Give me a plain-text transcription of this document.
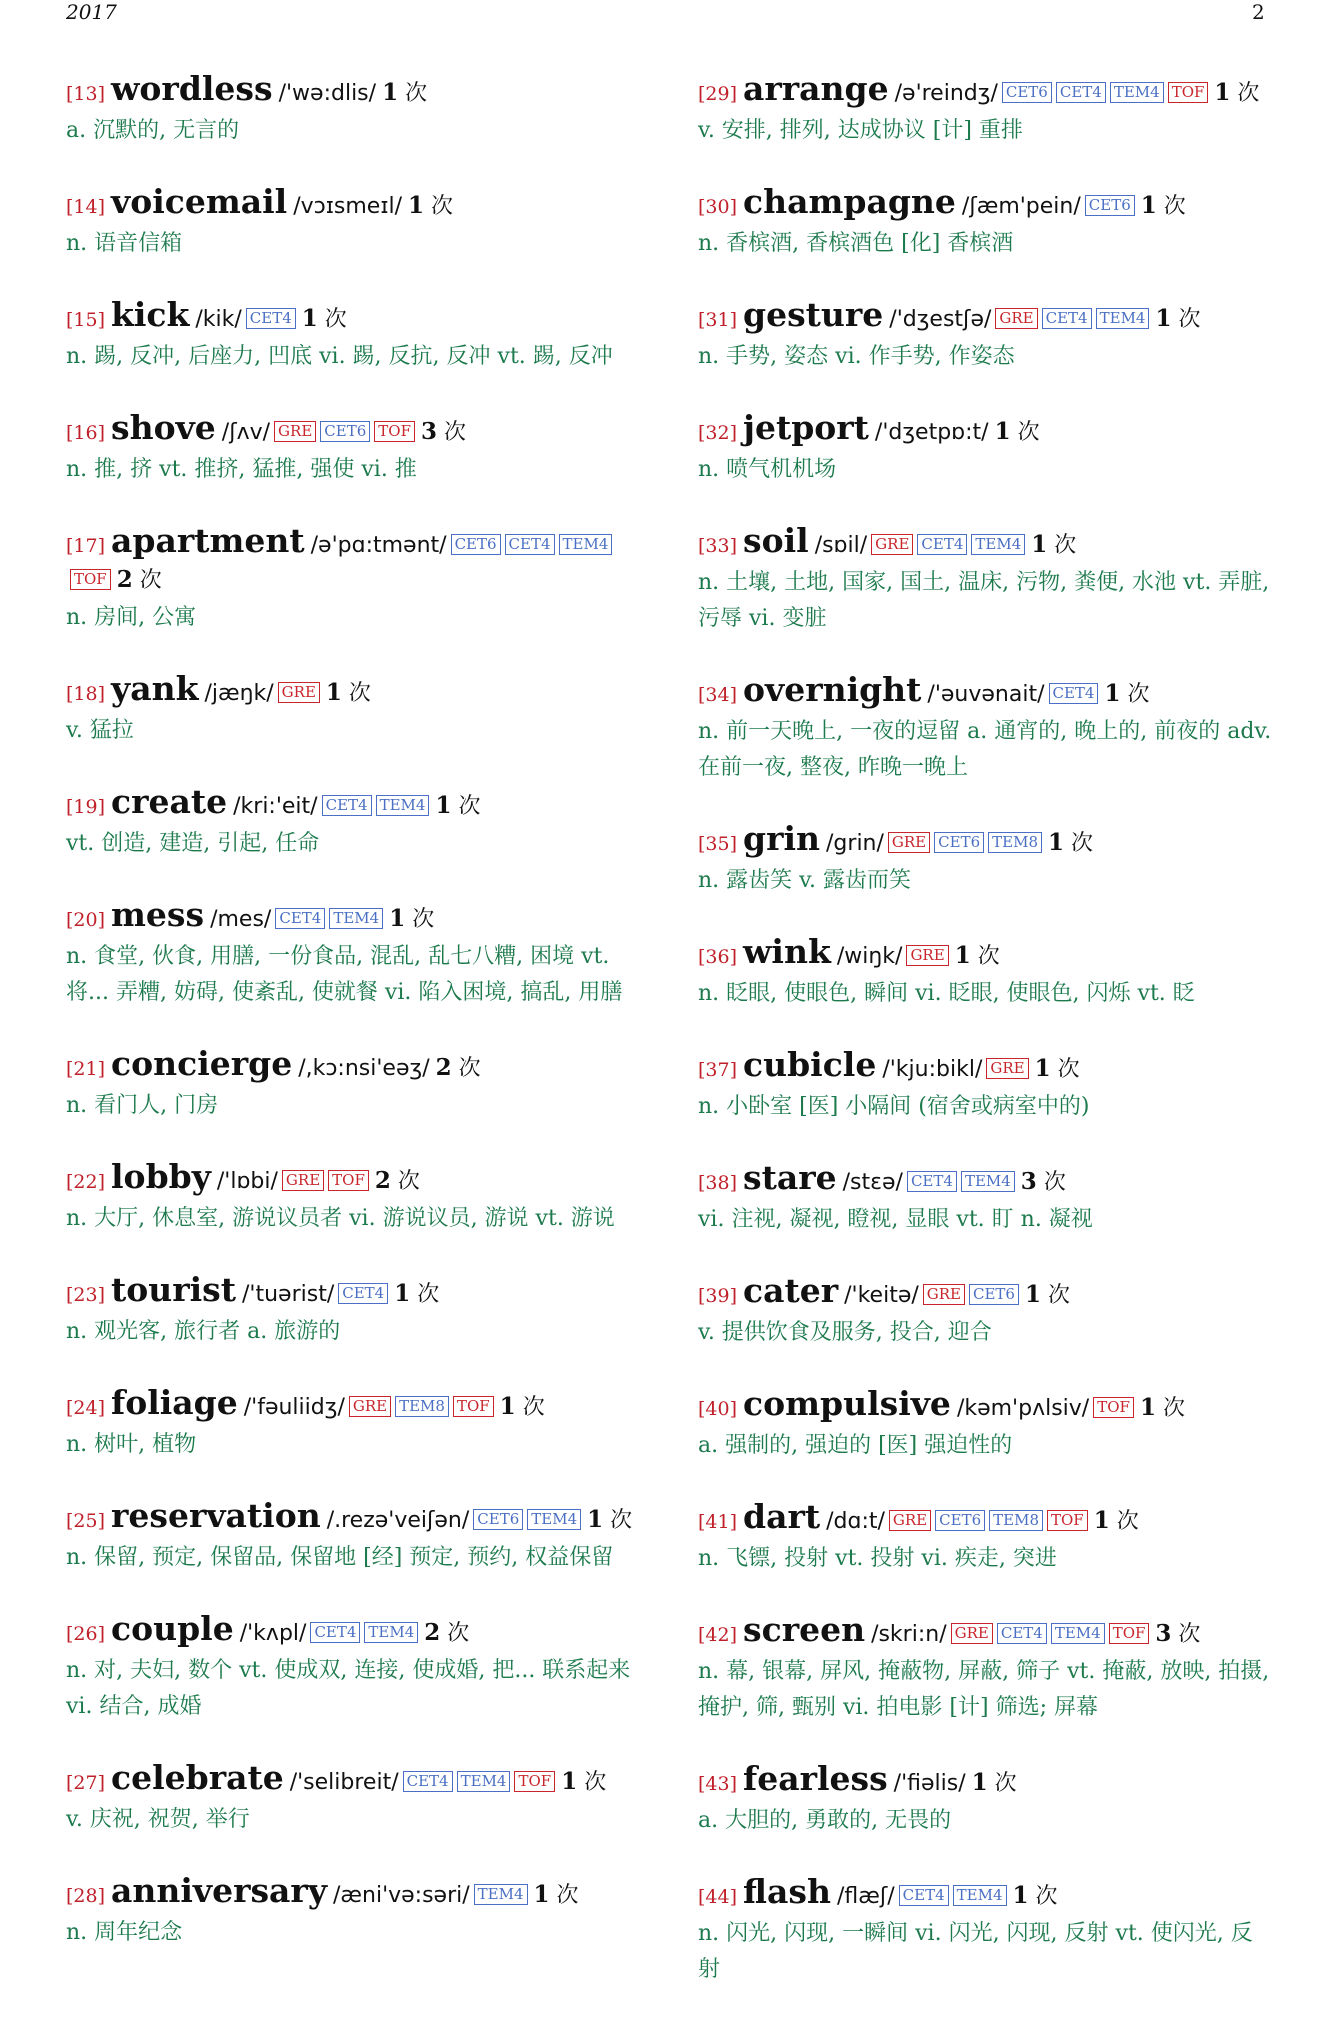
2017	2
[13] wordless /'wə:dlis/ 1 次
a. 沉默的, 无言的
[14] voicemail /vɔɪsmeɪl/ 1 次
n. 语音信箱
[15] kick /kik/ CET4 1 次
n. 踢, 反冲, 后座力, 凹底 vi. 踢, 反抗, 反冲 vt. 踢, 反冲
[16] shove /ʃʌv/ GRE CET6 TOF 3 次
n. 推, 挤 vt. 推挤, 猛推, 强使 vi. 推
[17] apartment /ə'pɑ:tmənt/ CET6 CET4 TEM4TOF 2 次
n. 房间, 公寓
[18] yank /jæŋk/ GRE 1 次
v. 猛拉
[19] create /kri:'eit/ CET4 TEM4 1 次
vt. 创造, 建造, 引起, 任命
[20] mess /mes/ CET4 TEM4 1 次
n. 食堂, 伙食, 用膳, 一份食品, 混乱, 乱七八糟, 困境 vt. 将... 弄糟, 妨碍, 使紊乱, 使就餐 vi. 陷入困境, 搞乱, 用膳
[21] concierge /,kɔ:nsi'eəʒ/ 2 次
n. 看门人, 门房
[22] lobby /'lɒbi/ GRE TOF 2 次
n. 大厅, 休息室, 游说议员者 vi. 游说议员, 游说 vt. 游说
[23] tourist /'tuərist/ CET4 1 次
n. 观光客, 旅行者 a. 旅游的
[24] foliage /'fəuliidʒ/ GRE TEM8 TOF 1 次
n. 树叶, 植物
[25] reservation /.rezə'veiʃən/ CET6 TEM4 1 次
n. 保留, 预定, 保留品, 保留地 [经] 预定, 预约, 权益保留
[26] couple /'kʌpl/ CET4 TEM4 2 次
n. 对, 夫妇, 数个 vt. 使成双, 连接, 使成婚, 把... 联系起来 vi. 结合, 成婚
[27] celebrate /'selibreit/ CET4 TEM4 TOF 1 次
v. 庆祝, 祝贺, 举行
[28] anniversary /æni'və:səri/ TEM4 1 次
n. 周年纪念
[29] arrange /ə'reindʒ/ CET6 CET4 TEM4 TOF 1 次
v. 安排, 排列, 达成协议 [计] 重排
[30] champagne /ʃæm'pein/ CET6 1 次
n. 香槟酒, 香槟酒色 [化] 香槟酒
[31] gesture /'dʒestʃə/ GRE CET4 TEM4 1 次
n. 手势, 姿态 vi. 作手势, 作姿态
[32] jetport /'dʒetpɒ:t/ 1 次
n. 喷气机机场
[33] soil /sɒil/ GRE CET4 TEM4 1 次
n. 土壤, 土地, 国家, 国土, 温床, 污物, 粪便, 水池 vt. 弄脏, 污辱 vi. 变脏
[34] overnight /'əuvənait/ CET4 1 次
n. 前一天晚上, 一夜的逗留 a. 通宵的, 晚上的, 前夜的 adv. 在前一夜, 整夜, 昨晚一晚上
[35] grin /grin/ GRE CET6 TEM8 1 次
n. 露齿笑 v. 露齿而笑
[36] wink /wiŋk/ GRE 1 次
n. 眨眼, 使眼色, 瞬间 vi. 眨眼, 使眼色, 闪烁 vt. 眨
[37] cubicle /'kju:bikl/ GRE 1 次
n. 小卧室 [医] 小隔间 (宿舍或病室中的)
[38] stare /stɛə/ CET4 TEM4 3 次
vi. 注视, 凝视, 瞪视, 显眼 vt. 盯 n. 凝视
[39] cater /'keitə/ GRE CET6 1 次
v. 提供饮食及服务, 投合, 迎合
[40] compulsive /kəm'pʌlsiv/ TOF 1 次
a. 强制的, 强迫的 [医] 强迫性的
[41] dart /dɑ:t/ GRE CET6 TEM8 TOF 1 次
n. 飞镖, 投射 vt. 投射 vi. 疾走, 突进
[42] screen /skri:n/ GRE CET4 TEM4 TOF 3 次
n. 幕, 银幕, 屏风, 掩蔽物, 屏蔽, 筛子 vt. 掩蔽, 放映, 拍摄, 掩护, 筛, 甄别 vi. 拍电影 [计] 筛选; 屏幕
[43] fearless /'fiəlis/ 1 次
a. 大胆的, 勇敢的, 无畏的
[44] flash /flæʃ/ CET4 TEM4 1 次
n. 闪光, 闪现, 一瞬间 vi. 闪光, 闪现, 反射 vt. 使闪光, 反射
